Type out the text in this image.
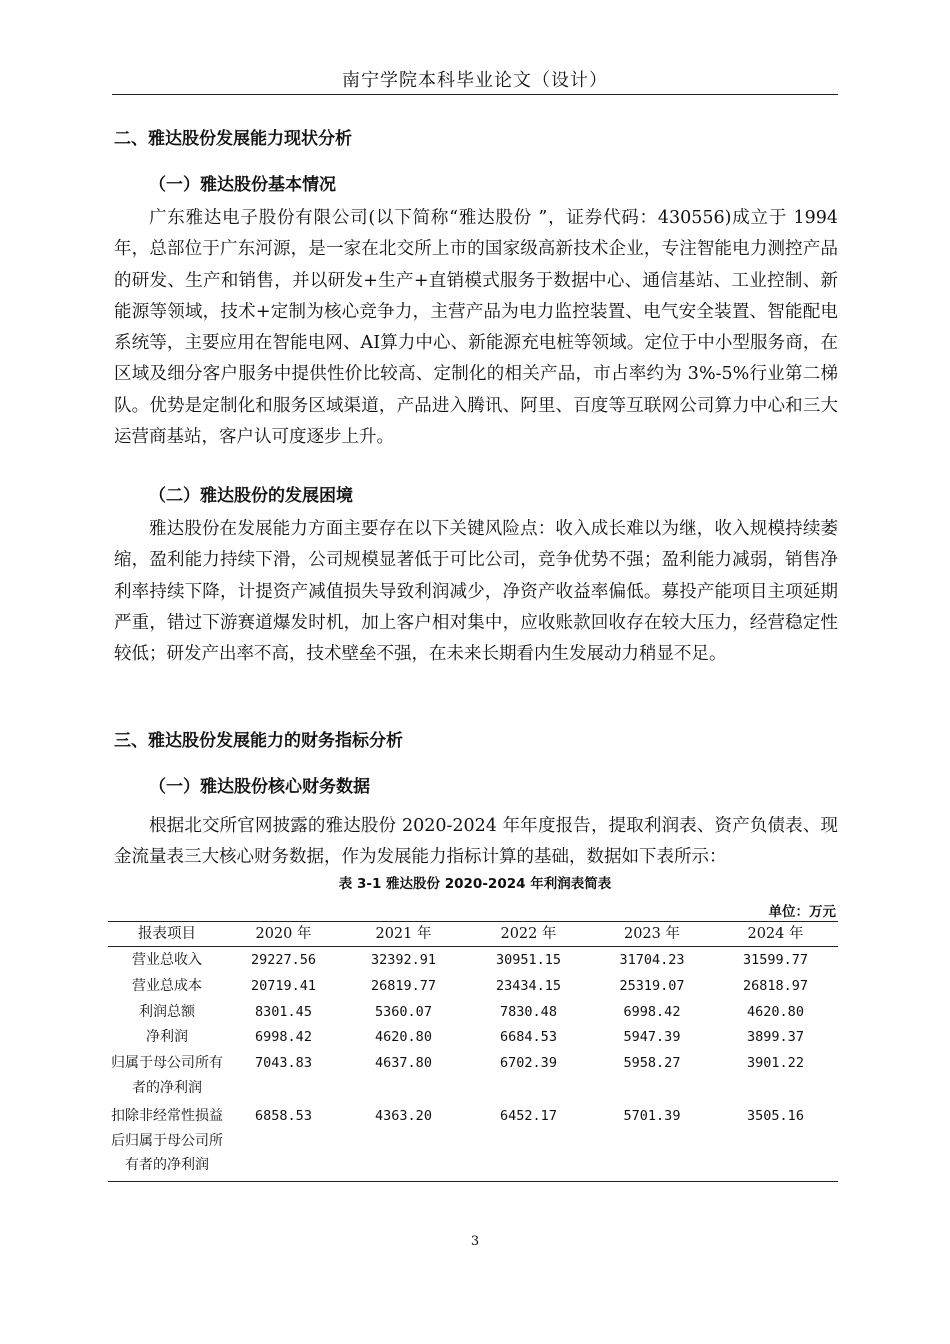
南宁学院本科毕业论文（设计）
二、雅达股份发展能力现状分析
（一）雅达股份基本情况

广东雅达电子股份有限公司(以下简称“雅达股份 ”，证券代码：430556)成立于 1994 年，总部位于广东河源，是一家在北交所上市的国家级高新技术企业，专注智能电力测控产品的研发、生产和销售，并以研发+生产+直销模式服务于数据中心、通信基站、工业控制、新能源等领域，技术+定制为核心竞争力，主营产品为电力监控装置、电气安全装置、智能配电系统等，主要应用在智能电网、AI算力中心、新能源充电桩等领域。定位于中小型服务商，在区域及细分客户服务中提供性价比较高、定制化的相关产品，市占率约为 3%-5%行业第二梯队。优势是定制化和服务区域渠道，产品进入腾讯、阿里、百度等互联网公司算力中心和三大运营商基站，客户认可度逐步上升。

（二）雅达股份的发展困境

雅达股份在发展能力方面主要存在以下关键风险点：收入成长难以为继，收入规模持续萎缩，盈利能力持续下滑，公司规模显著低于可比公司，竞争优势不强；盈利能力减弱，销售净利率持续下降，计提资产减值损失导致利润减少，净资产收益率偏低。募投产能项目主项延期严重，错过下游赛道爆发时机，加上客户相对集中，应收账款回收存在较大压力，经营稳定性较低；研发产出率不高，技术壁垒不强，在未来长期看内生发展动力稍显不足。

三、雅达股份发展能力的财务指标分析
（一）雅达股份核心财务数据

根据北交所官网披露的雅达股份 2020-2024 年年度报告，提取利润表、资产负债表、现金流量表三大核心财务数据，作为发展能力指标计算的基础，数据如下表所示：

表 3-1 雅达股份 2020-2024 年利润表简表
单位：万元
报表项目	2020 年	2021 年	2022 年	2023 年	2024 年
营业总收入	29227.56	32392.91	30951.15	31704.23	31599.77
营业总成本	20719.41	26819.77	23434.15	25319.07	26818.97
利润总额	8301.45	5360.07	7830.48	6998.42	4620.80
净利润	6998.42	4620.80	6684.53	5947.39	3899.37
归属于母公司所有者的净利润	7043.83	4637.80	6702.39	5958.27	3901.22
扣除非经常性损益后归属于母公司所有者的净利润	6858.53	4363.20	6452.17	5701.39	3505.16
3
